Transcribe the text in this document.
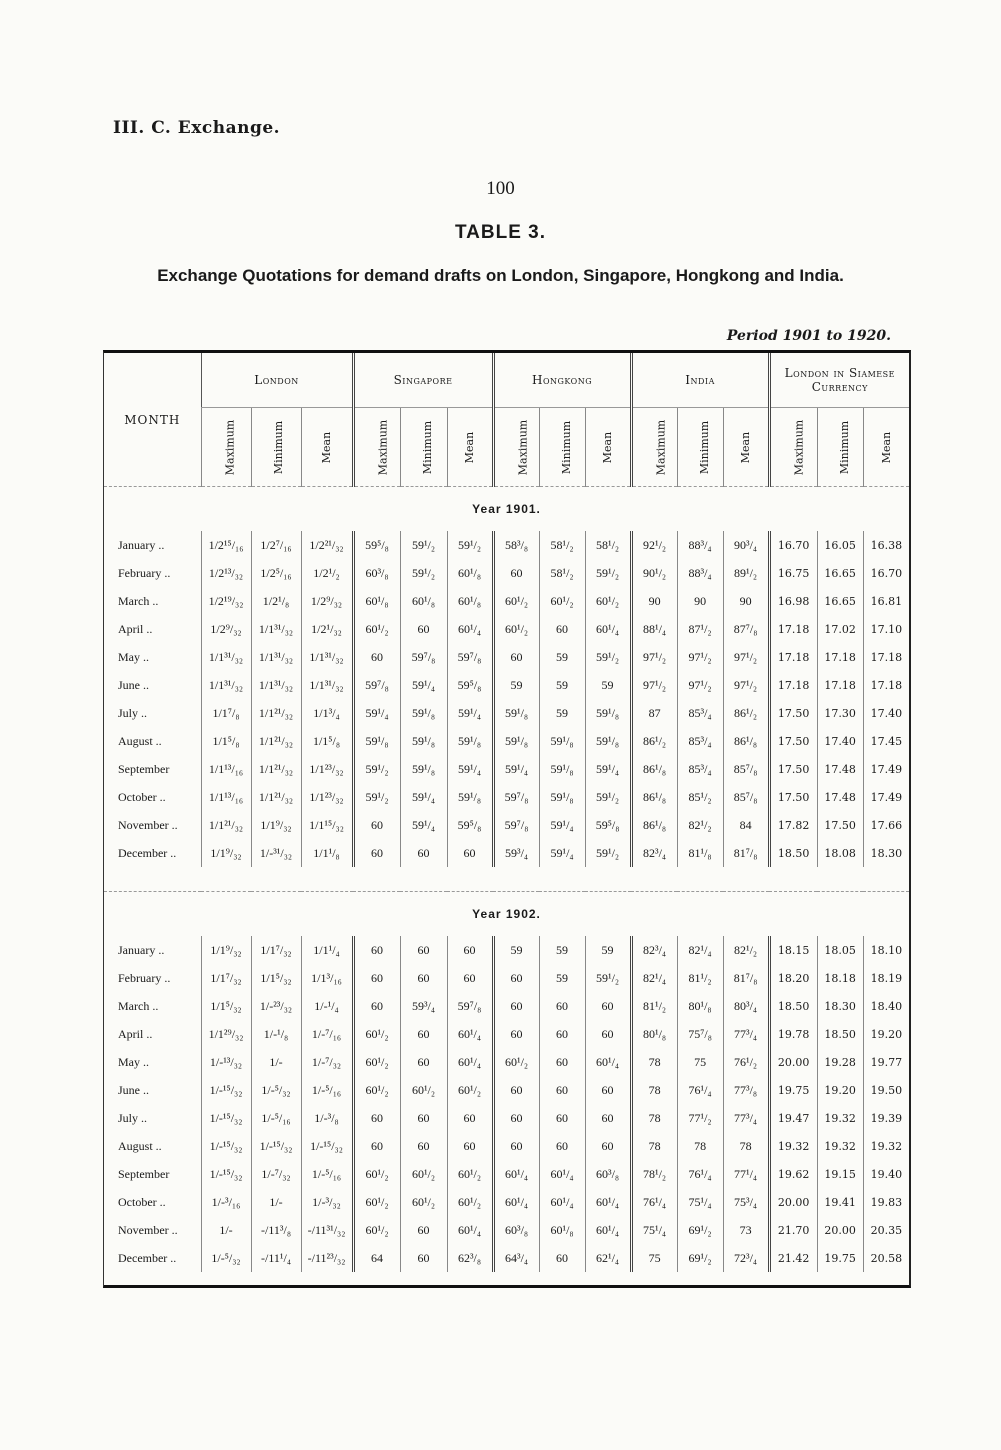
III. C. Exchange.
100
TABLE 3.
Exchange Quotations for demand drafts on London, Singapore, Hongkong and India.
Period 1901 to 1920.
MONTH	London			Singapore			Hongkong			India			London in Siamese Currency		
	Maximum	Minimum	Mean	Maximum	Minimum	Mean	Maximum	Minimum	Mean	Maximum	Minimum	Mean	Maximum	Minimum	Mean
Year 1901.															
January ..	1/2¹⁵/₁₆	1/2⁷/₁₆	1/2²¹/₃₂	59⁵/₈	59¹/₂	59¹/₂	58³/₈	58¹/₂	58¹/₂	92¹/₂	88³/₄	90³/₄	16.70	16.05	16.38
February ..	1/2¹³/₃₂	1/2⁵/₁₆	1/2¹/₂	60³/₈	59¹/₂	60¹/₈	60	58¹/₂	59¹/₂	90¹/₂	88³/₄	89¹/₂	16.75	16.65	16.70
March ..	1/2¹⁹/₃₂	1/2¹/₈	1/2⁹/₃₂	60¹/₈	60¹/₈	60¹/₈	60¹/₂	60¹/₂	60¹/₂	90	90	90	16.98	16.65	16.81
April ..	1/2⁹/₃₂	1/1³¹/₃₂	1/2¹/₃₂	60¹/₂	60	60¹/₄	60¹/₂	60	60¹/₄	88¹/₄	87¹/₂	87⁷/₈	17.18	17.02	17.10
May ..	1/1³¹/₃₂	1/1³¹/₃₂	1/1³¹/₃₂	60	59⁷/₈	59⁷/₈	60	59	59¹/₂	97¹/₂	97¹/₂	97¹/₂	17.18	17.18	17.18
June ..	1/1³¹/₃₂	1/1³¹/₃₂	1/1³¹/₃₂	59⁷/₈	59¹/₄	59⁵/₈	59	59	59	97¹/₂	97¹/₂	97¹/₂	17.18	17.18	17.18
July ..	1/1⁷/₈	1/1²¹/₃₂	1/1³/₄	59¹/₄	59¹/₈	59¹/₄	59¹/₈	59	59¹/₈	87	85³/₄	86¹/₂	17.50	17.30	17.40
August ..	1/1⁵/₈	1/1²¹/₃₂	1/1⁵/₈	59¹/₈	59¹/₈	59¹/₈	59¹/₈	59¹/₈	59¹/₈	86¹/₂	85³/₄	86¹/₈	17.50	17.40	17.45
September	1/1¹³/₁₆	1/1²¹/₃₂	1/1²³/₃₂	59¹/₂	59¹/₈	59¹/₄	59¹/₄	59¹/₈	59¹/₄	86¹/₈	85³/₄	85⁷/₈	17.50	17.48	17.49
October ..	1/1¹³/₁₆	1/1²¹/₃₂	1/1²³/₃₂	59¹/₂	59¹/₄	59¹/₈	59⁷/₈	59¹/₈	59¹/₂	86¹/₈	85¹/₂	85⁷/₈	17.50	17.48	17.49
November ..	1/1²¹/₃₂	1/1⁹/₃₂	1/1¹⁵/₃₂	60	59¹/₄	59⁵/₈	59⁷/₈	59¹/₄	59⁵/₈	86¹/₈	82¹/₂	84	17.82	17.50	17.66
December ..	1/1⁹/₃₂	1/-³¹/₃₂	1/1¹/₈	60	60	60	59³/₄	59¹/₄	59¹/₂	82³/₄	81¹/₈	81⁷/₈	18.50	18.08	18.30

Year 1902.															
January ..	1/1⁹/₃₂	1/1⁷/₃₂	1/1¹/₄	60	60	60	59	59	59	82³/₄	82¹/₄	82¹/₂	18.15	18.05	18.10
February ..	1/1⁷/₃₂	1/1⁵/₃₂	1/1³/₁₆	60	60	60	60	59	59¹/₂	82¹/₄	81¹/₂	81⁷/₈	18.20	18.18	18.19
March ..	1/1⁵/₃₂	1/-²³/₃₂	1/-¹/₄	60	59³/₄	59⁷/₈	60	60	60	81¹/₂	80¹/₈	80³/₄	18.50	18.30	18.40
April ..	1/1²⁹/₃₂	1/-¹/₈	1/-⁷/₁₆	60¹/₂	60	60¹/₄	60	60	60	80¹/₈	75⁷/₈	77³/₄	19.78	18.50	19.20
May ..	1/-¹³/₃₂	1/-	1/-⁷/₃₂	60¹/₂	60	60¹/₄	60¹/₂	60	60¹/₄	78	75	76¹/₂	20.00	19.28	19.77
June ..	1/-¹⁵/₃₂	1/-⁵/₃₂	1/-⁵/₁₆	60¹/₂	60¹/₂	60¹/₂	60	60	60	78	76¹/₄	77³/₈	19.75	19.20	19.50
July ..	1/-¹⁵/₃₂	1/-⁵/₁₆	1/-³/₈	60	60	60	60	60	60	78	77¹/₂	77³/₄	19.47	19.32	19.39
August ..	1/-¹⁵/₃₂	1/-¹⁵/₃₂	1/-¹⁵/₃₂	60	60	60	60	60	60	78	78	78	19.32	19.32	19.32
September	1/-¹⁵/₃₂	1/-⁷/₃₂	1/-⁵/₁₆	60¹/₂	60¹/₂	60¹/₂	60¹/₄	60¹/₄	60³/₈	78¹/₂	76¹/₄	77¹/₄	19.62	19.15	19.40
October ..	1/-³/₁₆	1/-	1/-³/₃₂	60¹/₂	60¹/₂	60¹/₂	60¹/₄	60¹/₄	60¹/₄	76¹/₄	75¹/₄	75³/₄	20.00	19.41	19.83
November ..	1/-	-/11³/₈	-/11³¹/₃₂	60¹/₂	60	60¹/₄	60³/₈	60¹/₈	60¹/₄	75¹/₄	69¹/₂	73	21.70	20.00	20.35
December ..	1/-⁵/₃₂	-/11¹/₄	-/11²³/₃₂	64	60	62³/₈	64³/₄	60	62¹/₄	75	69¹/₂	72³/₄	21.42	19.75	20.58
